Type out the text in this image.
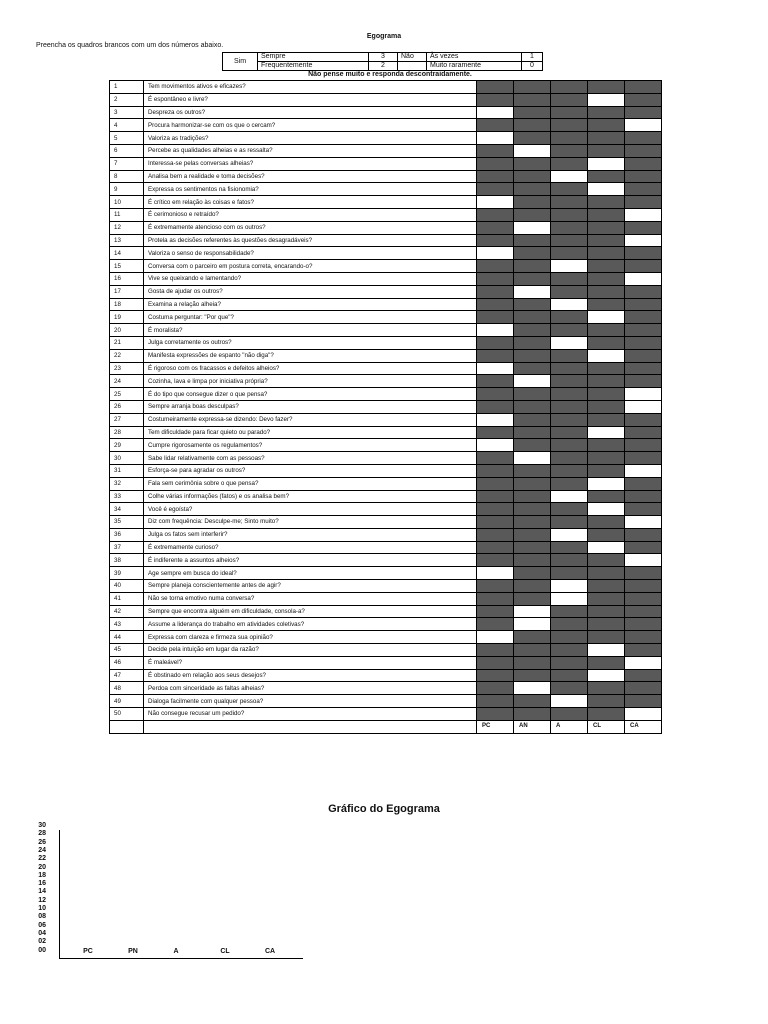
Egograma
Preencha os quadros brancos com um dos números abaixo.
Sim	Sempre	3	Não	Às vezes	1
	Frequentemente	2		Muito raramente	0
Não pense muito e responda descontraidamente.
1	Tem movimentos ativos e eficazes?					
2	É espontâneo e livre?					
3	Despreza os outros?					
4	Procura harmonizar-se com os que o cercam?					
5	Valoriza as tradições?					
6	Percebe as qualidades alheias e as ressalta?					
7	Interessa-se pelas conversas alheias?					
8	Analisa bem a realidade e toma decisões?					
9	Expressa os sentimentos na fisionomia?					
10	É crítico em relação às coisas e fatos?					
11	É cerimonioso e retraído?					
12	É extremamente atencioso com os outros?					
13	Protela as decisões referentes às questões desagradáveis?					
14	Valoriza o senso de responsabilidade?					
15	Conversa com o parceiro em postura correta, encarando-o?					
16	Vive se queixando e lamentando?					
17	Gosta de ajudar os outros?					
18	Examina a relação alheia?					
19	Costuma perguntar: "Por que"?					
20	É moralista?					
21	Julga corretamente os outros?					
22	Manifesta expressões de espanto "não diga"?					
23	É rigoroso com os fracassos e defeitos alheios?					
24	Cozinha, lava e limpa por iniciativa própria?					
25	É do tipo que consegue dizer o que pensa?					
26	Sempre arranja boas desculpas?					
27	Costumeiramente expressa-se dizendo: Devo fazer?					
28	Tem dificuldade para ficar quieto ou parado?					
29	Cumpre rigorosamente os regulamentos?					
30	Sabe lidar relativamente com as pessoas?					
31	Esforça-se para agradar os outros?					
32	Fala sem cerimônia sobre o que pensa?					
33	Colhe várias informações (fatos) e os analisa bem?					
34	Você é egoísta?					
35	Diz com frequência: Desculpe-me; Sinto muito?					
36	Julga os fatos sem interferir?					
37	É extremamente curioso?					
38	É indiferente a assuntos alheios?					
39	Age sempre em busca do ideal?					
40	Sempre planeja conscientemente antes de agir?					
41	Não se torna emotivo numa conversa?					
42	Sempre que encontra alguém em dificuldade, consola-a?					
43	Assume a liderança do trabalho em atividades coletivas?					
44	Expressa com clareza e firmeza sua opinião?					
45	Decide pela intuição em lugar da razão?					
46	É maleável?					
47	É obstinado em relação aos seus desejos?					
48	Perdoa com sinceridade as faltas alheias?					
49	Dialoga facilmente com qualquer pessoa?					
50	Não consegue recusar um pedido?					
		PC	AN	A	CL	CA
Gráfico do Egograma
30
28
26
24
22
20
18
16
14
12
10
08
06
04
02
00	PC	PN	A	CL	CA
